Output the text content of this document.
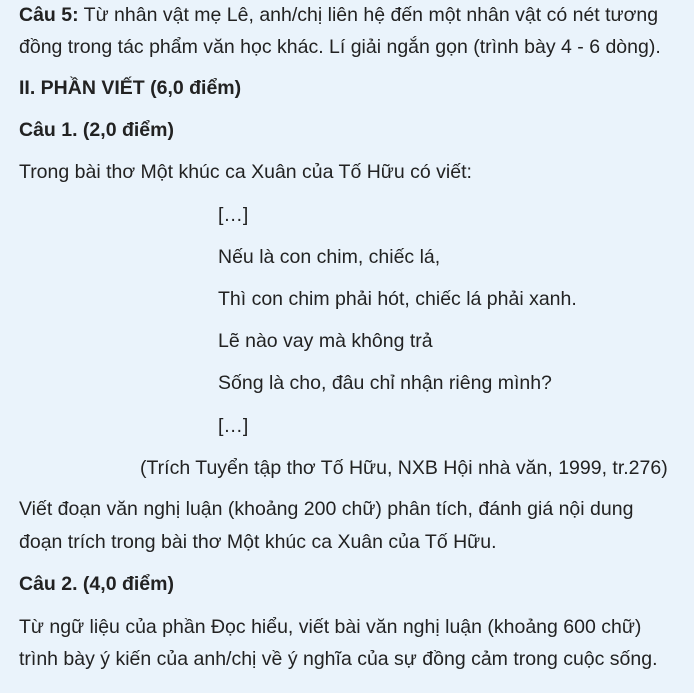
Câu 5: Từ nhân vật mẹ Lê, anh/chị liên hệ đến một nhân vật có nét tương
đồng trong tác phẩm văn học khác. Lí giải ngắn gọn (trình bày 4 - 6 dòng).
II. PHẦN VIẾT (6,0 điểm)
Câu 1. (2,0 điểm)
Trong bài thơ Một khúc ca Xuân của Tố Hữu có viết:
[…]
Nếu là con chim, chiếc lá,
Thì con chim phải hót, chiếc lá phải xanh.
Lẽ nào vay mà không trả
Sống là cho, đâu chỉ nhận riêng mình?
[…]
(Trích Tuyển tập thơ Tố Hữu, NXB Hội nhà văn, 1999, tr.276)
Viết đoạn văn nghị luận (khoảng 200 chữ) phân tích, đánh giá nội dung
đoạn trích trong bài thơ Một khúc ca Xuân của Tố Hữu.
Câu 2. (4,0 điểm)
Từ ngữ liệu của phần Đọc hiểu, viết bài văn nghị luận (khoảng 600 chữ)
trình bày ý kiến của anh/chị về ý nghĩa của sự đồng cảm trong cuộc sống.
